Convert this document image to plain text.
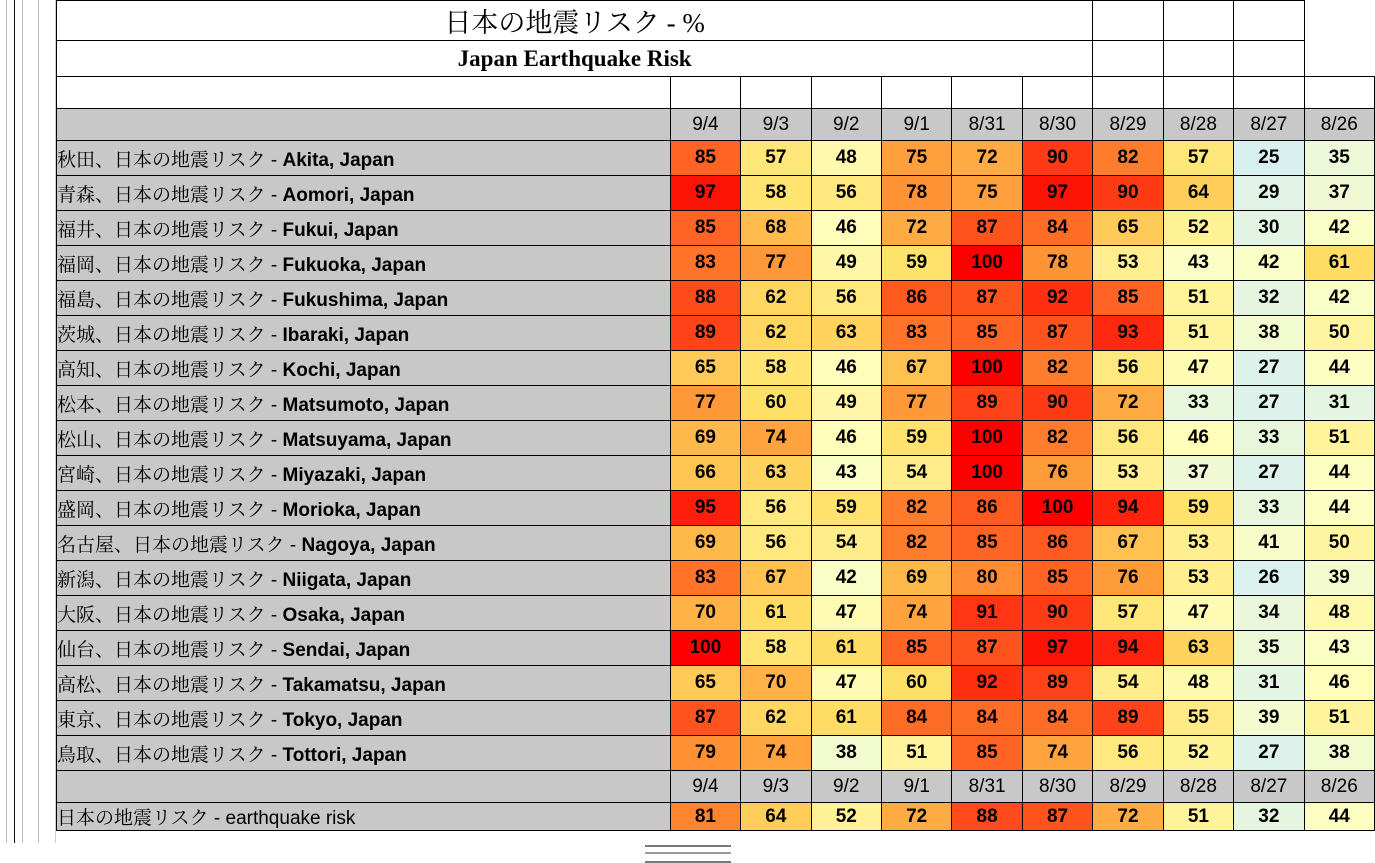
日本の地震リスク - %										
Japan Earthquake Risk										

	9/4	9/3	9/2	9/1	8/31	8/30	8/29	8/28	8/27	8/26
秋田、日本の地震リスク - Akita, Japan	85	57	48	75	72	90	82	57	25	35
青森、日本の地震リスク - Aomori, Japan	97	58	56	78	75	97	90	64	29	37
福井、日本の地震リスク - Fukui, Japan	85	68	46	72	87	84	65	52	30	42
福岡、日本の地震リスク - Fukuoka, Japan	83	77	49	59	100	78	53	43	42	61
福島、日本の地震リスク - Fukushima, Japan	88	62	56	86	87	92	85	51	32	42
茨城、日本の地震リスク - Ibaraki, Japan	89	62	63	83	85	87	93	51	38	50
高知、日本の地震リスク - Kochi, Japan	65	58	46	67	100	82	56	47	27	44
松本、日本の地震リスク - Matsumoto, Japan	77	60	49	77	89	90	72	33	27	31
松山、日本の地震リスク - Matsuyama, Japan	69	74	46	59	100	82	56	46	33	51
宮崎、日本の地震リスク - Miyazaki, Japan	66	63	43	54	100	76	53	37	27	44
盛岡、日本の地震リスク - Morioka, Japan	95	56	59	82	86	100	94	59	33	44
名古屋、日本の地震リスク - Nagoya, Japan	69	56	54	82	85	86	67	53	41	50
新潟、日本の地震リスク - Niigata, Japan	83	67	42	69	80	85	76	53	26	39
大阪、日本の地震リスク - Osaka, Japan	70	61	47	74	91	90	57	47	34	48
仙台、日本の地震リスク - Sendai, Japan	100	58	61	85	87	97	94	63	35	43
高松、日本の地震リスク - Takamatsu, Japan	65	70	47	60	92	89	54	48	31	46
東京、日本の地震リスク - Tokyo, Japan	87	62	61	84	84	84	89	55	39	51
鳥取、日本の地震リスク - Tottori, Japan	79	74	38	51	85	74	56	52	27	38
	9/4	9/3	9/2	9/1	8/31	8/30	8/29	8/28	8/27	8/26
日本の地震リスク - earthquake risk	81	64	52	72	88	87	72	51	32	44
